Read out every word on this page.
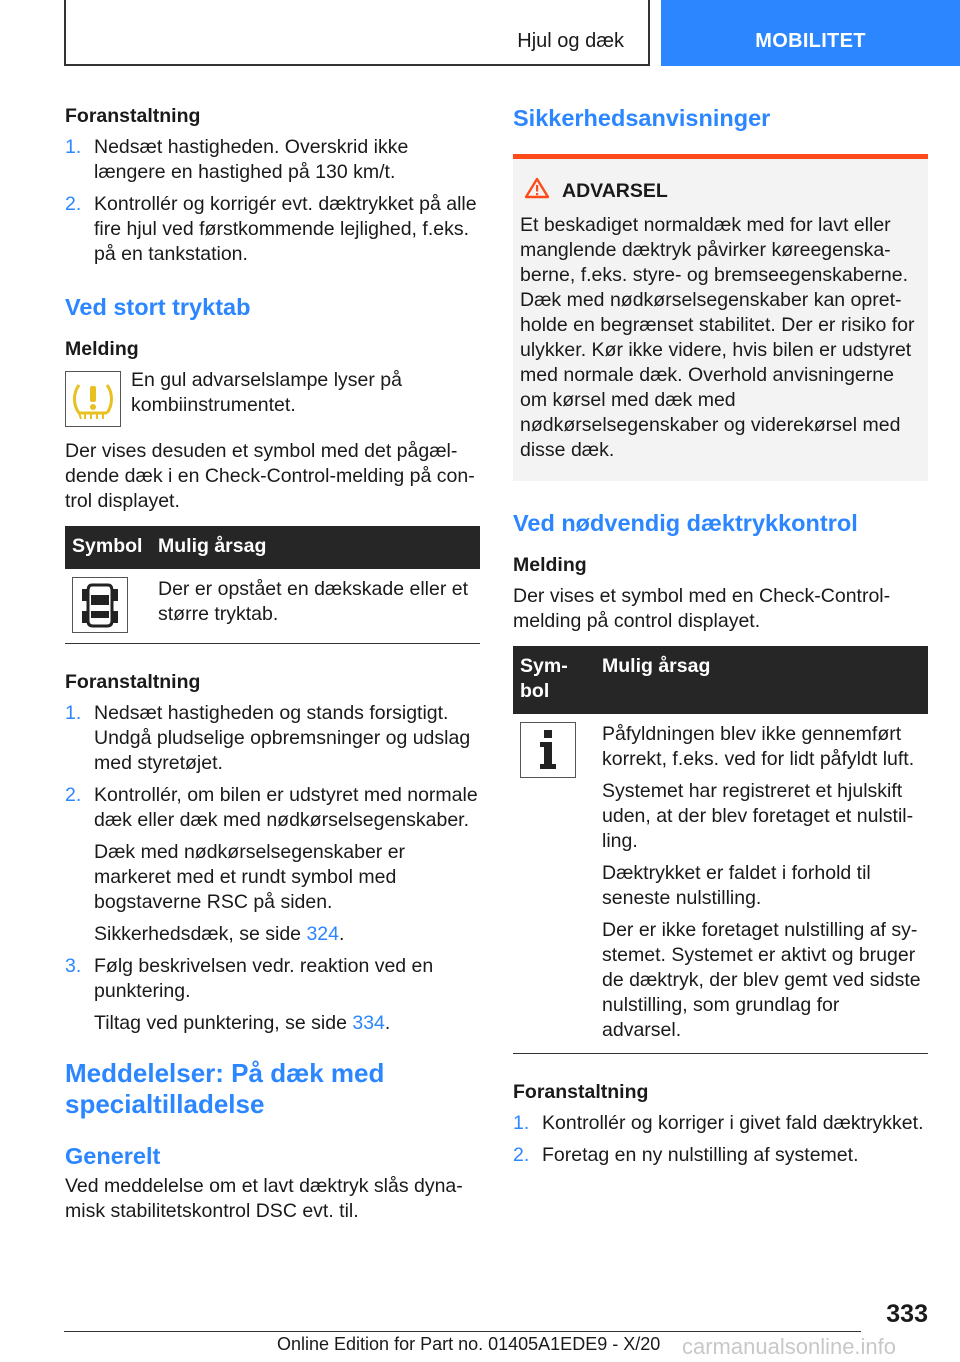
Hjul og dæk	MOBILITET
Foranstaltning
1. Nedsæt hastigheden. Overskrid ikke længere en hastighed på 130 km/t.
2. Kontrollér og korrigér evt. dæktrykket på alle fire hjul ved førstkommende lejlighed, f.eks. på en tankstation.
Ved stort tryktab
Melding

En gul advarselslampe lyser på kombiinstrumentet.

Der vises desuden et symbol med det pågældende dæk i en Check-Control-melding på control displayet.

Symbol	Mulig årsag

	Der er opstået en dækskade eller et større tryktab.
Foranstaltning
1. Nedsæt hastigheden og stands forsigtigt. Undgå pludselige opbremsninger og udslag med styretøjet.
2. Kontrollér, om bilen er udstyret med normale dæk eller dæk med nødkørselsegenskaber.
Dæk med nødkørselsegenskaber er markeret med et rundt symbol med bogstaverne RSC på siden.
Sikkerhedsdæk, se side 324.
3. Følg beskrivelsen vedr. reaktion ved en punktering.
Tiltag ved punktering, se side 334.
Meddelelser: På dæk med
specialtilladelse
Generelt

Ved meddelelse om et lavt dæktryk slås dynamisk stabilitetskontrol DSC evt. til.

Sikkerhedsanvisninger
ADVARSEL

Et beskadiget normaldæk med for lavt eller manglende dæktryk påvirker køreegenskaberne, f.eks. styre- og bremseegenskaberne. Dæk med nødkørselsegenskaber kan opretholde en begrænset stabilitet. Der er risiko for ulykker. Kør ikke videre, hvis bilen er udstyret med normale dæk. Overhold anvisningerne om kørsel med dæk med nødkørselsegenskaber og viderekørsel med disse dæk.

Ved nødvendig dæktrykkontrol
Melding

Der vises et symbol med en Check-Control-melding på control displayet.

Symbol	Mulig årsag

Påfyldningen blev ikke gennemført korrekt, f.eks. ved for lidt påfyldt luft.

Systemet har registreret et hjulskift uden, at der blev foretaget et nulstilling.

Dæktrykket er faldet i forhold til seneste nulstilling.

Der er ikke foretaget nulstilling af systemet. Systemet er aktivt og bruger de dæktryk, der blev gemt ved sidste nulstilling, som grundlag for advarsel.

Foranstaltning
1. Kontrollér og korriger i givet fald dæktrykket.
2. Foretag en ny nulstilling af systemet.
333
Online Edition for Part no. 01405A1EDE9 - X/20 carmanualsonline.info
